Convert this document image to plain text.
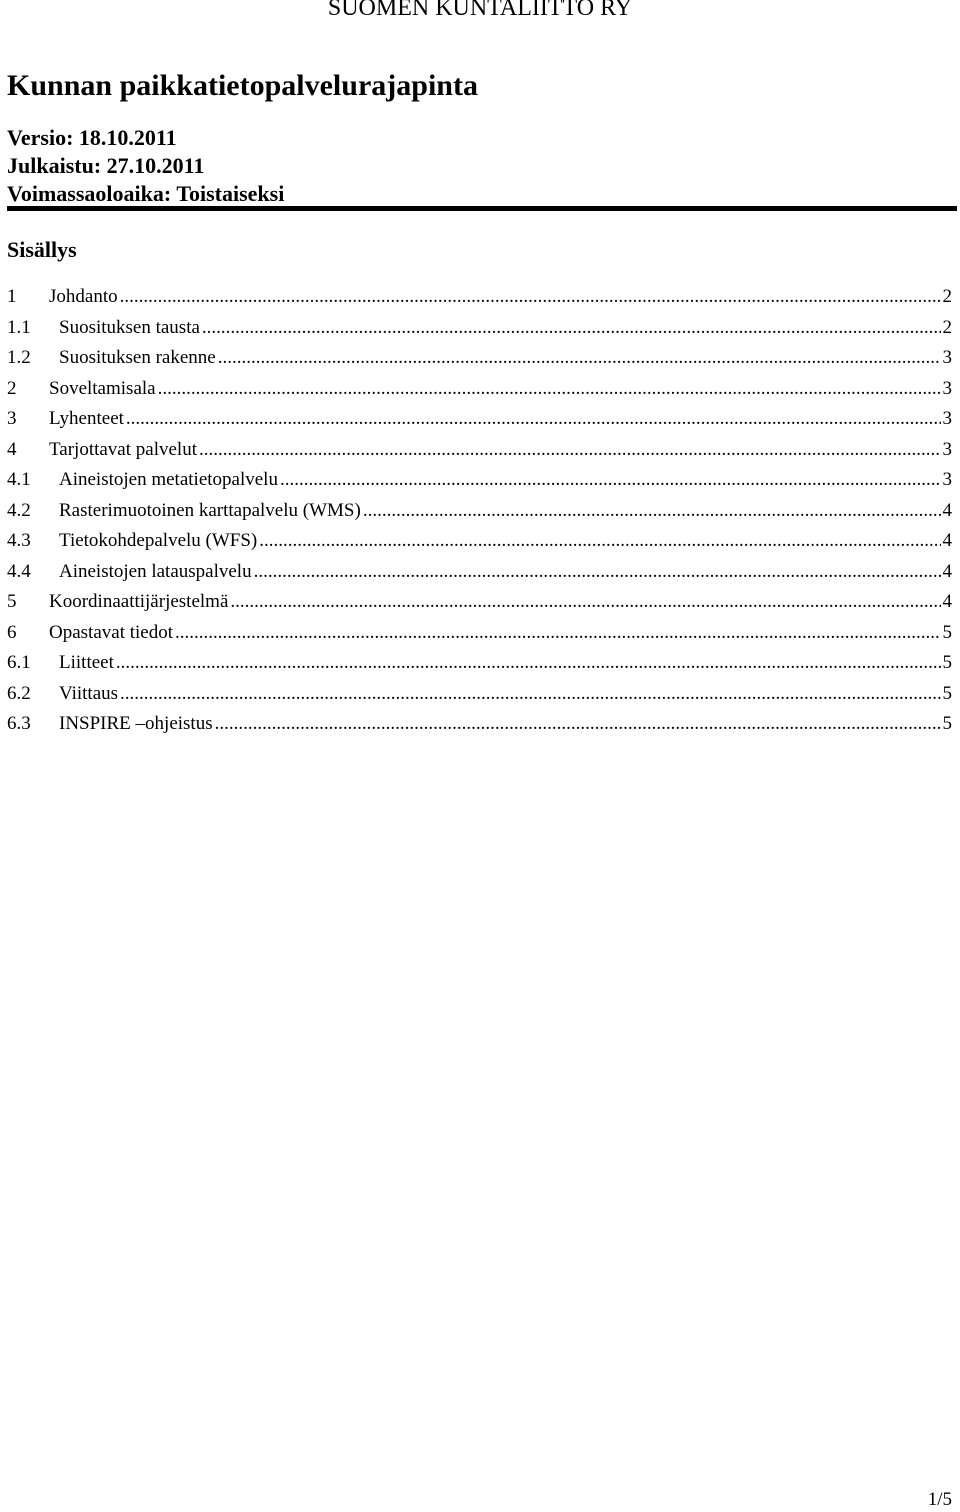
SUOMEN KUNTALIITTO RY
Kunnan paikkatietopalvelurajapinta
Versio: 18.10.2011
Julkaistu: 27.10.2011
Voimassaoloaika: Toistaiseksi
Sisällys
1	Johdanto .....	2
1.1	Suosituksen tausta .....	2
1.2	Suosituksen rakenne .....	3
2	Soveltamisala .....	3
3	Lyhenteet .....	3
4	Tarjottavat palvelut .....	3
4.1	Aineistojen metatietopalvelu .....	3
4.2	Rasterimuotoinen karttapalvelu (WMS) .....	4
4.3	Tietokohdepalvelu (WFS) .....	4
4.4	Aineistojen latauspalvelu .....	4
5	Koordinaattijärjestelmä .....	4
6	Opastavat tiedot .....	5
6.1	Liitteet .....	5
6.2	Viittaus .....	5
6.3	INSPIRE –ohjeistus .....	5
1/5
